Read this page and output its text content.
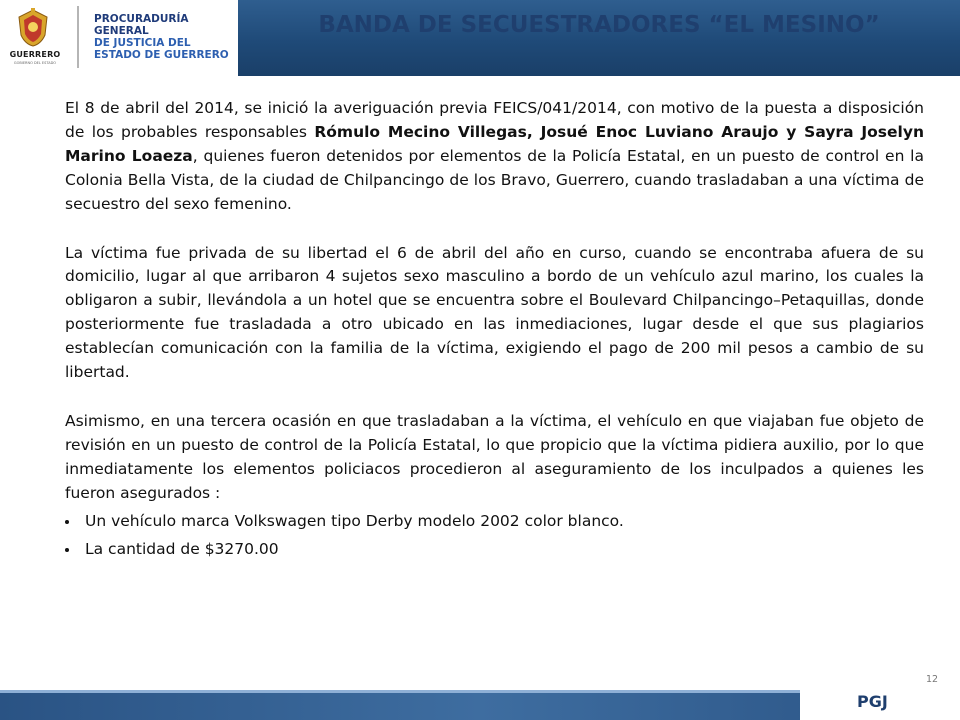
GUERRERO
GOBIERNO DEL ESTADO
PROCURADURÍA GENERAL
DE JUSTICIA DEL
ESTADO DE GUERRERO
BANDA DE SECUESTRADORES “EL MESINO”

El 8 de abril del 2014, se inició la averiguación previa FEICS/041/2014, con motivo de la puesta a disposición de los probables responsables Rómulo Mecino Villegas, Josué Enoc Luviano Araujo y Sayra Joselyn Marino Loaeza, quienes fueron detenidos por elementos de la Policía Estatal, en un puesto de control en la Colonia Bella Vista, de la ciudad de Chilpancingo de los Bravo, Guerrero, cuando trasladaban a una víctima de secuestro del sexo femenino.

La víctima fue privada de su libertad el 6 de abril del año en curso, cuando se encontraba afuera de su domicilio, lugar al que arribaron 4 sujetos sexo masculino a bordo de un vehículo azul marino, los cuales la obligaron a subir, llevándola a un hotel que se encuentra sobre el Boulevard Chilpancingo–Petaquillas, donde posteriormente fue trasladada a otro ubicado en las inmediaciones, lugar desde el que sus plagiarios establecían comunicación con la familia de la víctima, exigiendo el pago de 200 mil pesos a cambio de su libertad.

Asimismo, en una tercera ocasión en que trasladaban a la víctima, el vehículo en que viajaban fue objeto de revisión en un puesto de control de la Policía Estatal, lo que propicio que la víctima pidiera auxilio, por lo que inmediatamente los elementos policiacos procedieron al aseguramiento de los inculpados a quienes les fueron asegurados :

Un vehículo marca Volkswagen tipo Derby modelo 2002 color blanco.
La cantidad de $3270.00
12
PGJ
